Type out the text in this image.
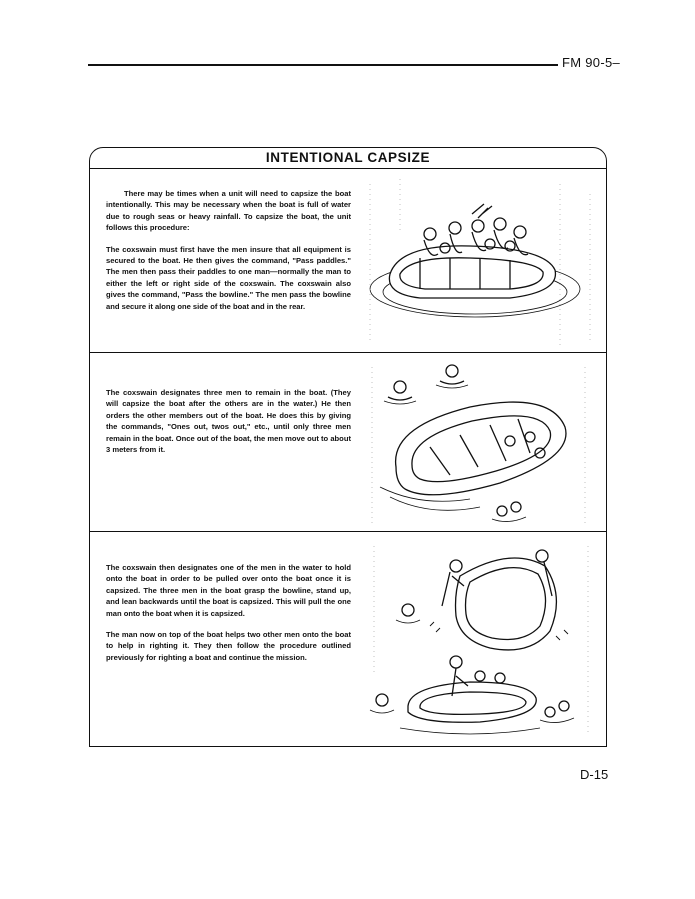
FM 90-5–
INTENTIONAL CAPSIZE

There may be times when a unit will need to capsize the boat intentionally. This may be necessary when the boat is full of water due to rough seas or heavy rainfall. To capsize the boat, the unit follows this procedure:

The coxswain must first have the men insure that all equipment is secured to the boat. He then gives the command, "Pass paddles." The men then pass their paddles to one man—normally the man to either the left or right side of the coxswain. The coxswain also gives the command, "Pass the bowline." The men pass the bowline and secure it along one side of the boat and in the rear.

The coxswain designates three men to remain in the boat. (They will capsize the boat after the others are in the water.) He then orders the other members out of the boat. He does this by giving the commands, "Ones out, twos out," etc., until only three men remain in the boat. Once out of the boat, the men move out to about 3 meters from it.

The coxswain then designates one of the men in the water to hold onto the boat in order to be pulled over onto the boat once it is capsized. The three men in the boat grasp the bowline, stand up, and lean backwards until the boat is capsized. This will pull the one man onto the boat when it is capsized.

The man now on top of the boat helps two other men onto the boat to help in righting it. They then follow the procedure outlined previously for righting a boat and continue the mission.

D-15
